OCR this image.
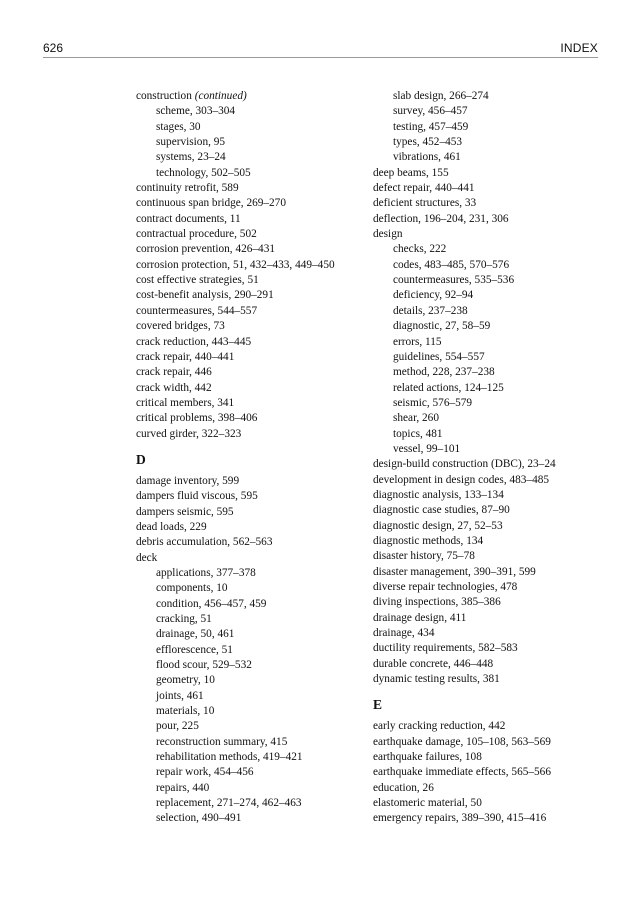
626	INDEX
construction (continued)
scheme, 303–304
stages, 30
supervision, 95
systems, 23–24
technology, 502–505
continuity retrofit, 589
continuous span bridge, 269–270
contract documents, 11
contractual procedure, 502
corrosion prevention, 426–431
corrosion protection, 51, 432–433, 449–450
cost effective strategies, 51
cost-benefit analysis, 290–291
countermeasures, 544–557
covered bridges, 73
crack reduction, 443–445
crack repair, 440–441
crack repair, 446
crack width, 442
critical members, 341
critical problems, 398–406
curved girder, 322–323
D
damage inventory, 599
dampers fluid viscous, 595
dampers seismic, 595
dead loads, 229
debris accumulation, 562–563
deck
applications, 377–378
components, 10
condition, 456–457, 459
cracking, 51
drainage, 50, 461
efflorescence, 51
flood scour, 529–532
geometry, 10
joints, 461
materials, 10
pour, 225
reconstruction summary, 415
rehabilitation methods, 419–421
repair work, 454–456
repairs, 440
replacement, 271–274, 462–463
selection, 490–491
slab design, 266–274
survey, 456–457
testing, 457–459
types, 452–453
vibrations, 461
deep beams, 155
defect repair, 440–441
deficient structures, 33
deflection, 196–204, 231, 306
design
checks, 222
codes, 483–485, 570–576
countermeasures, 535–536
deficiency, 92–94
details, 237–238
diagnostic, 27, 58–59
errors, 115
guidelines, 554–557
method, 228, 237–238
related actions, 124–125
seismic, 576–579
shear, 260
topics, 481
vessel, 99–101
design-build construction (DBC), 23–24
development in design codes, 483–485
diagnostic analysis, 133–134
diagnostic case studies, 87–90
diagnostic design, 27, 52–53
diagnostic methods, 134
disaster history, 75–78
disaster management, 390–391, 599
diverse repair technologies, 478
diving inspections, 385–386
drainage design, 411
drainage, 434
ductility requirements, 582–583
durable concrete, 446–448
dynamic testing results, 381
E
early cracking reduction, 442
earthquake damage, 105–108, 563–569
earthquake failures, 108
earthquake immediate effects, 565–566
education, 26
elastomeric material, 50
emergency repairs, 389–390, 415–416
